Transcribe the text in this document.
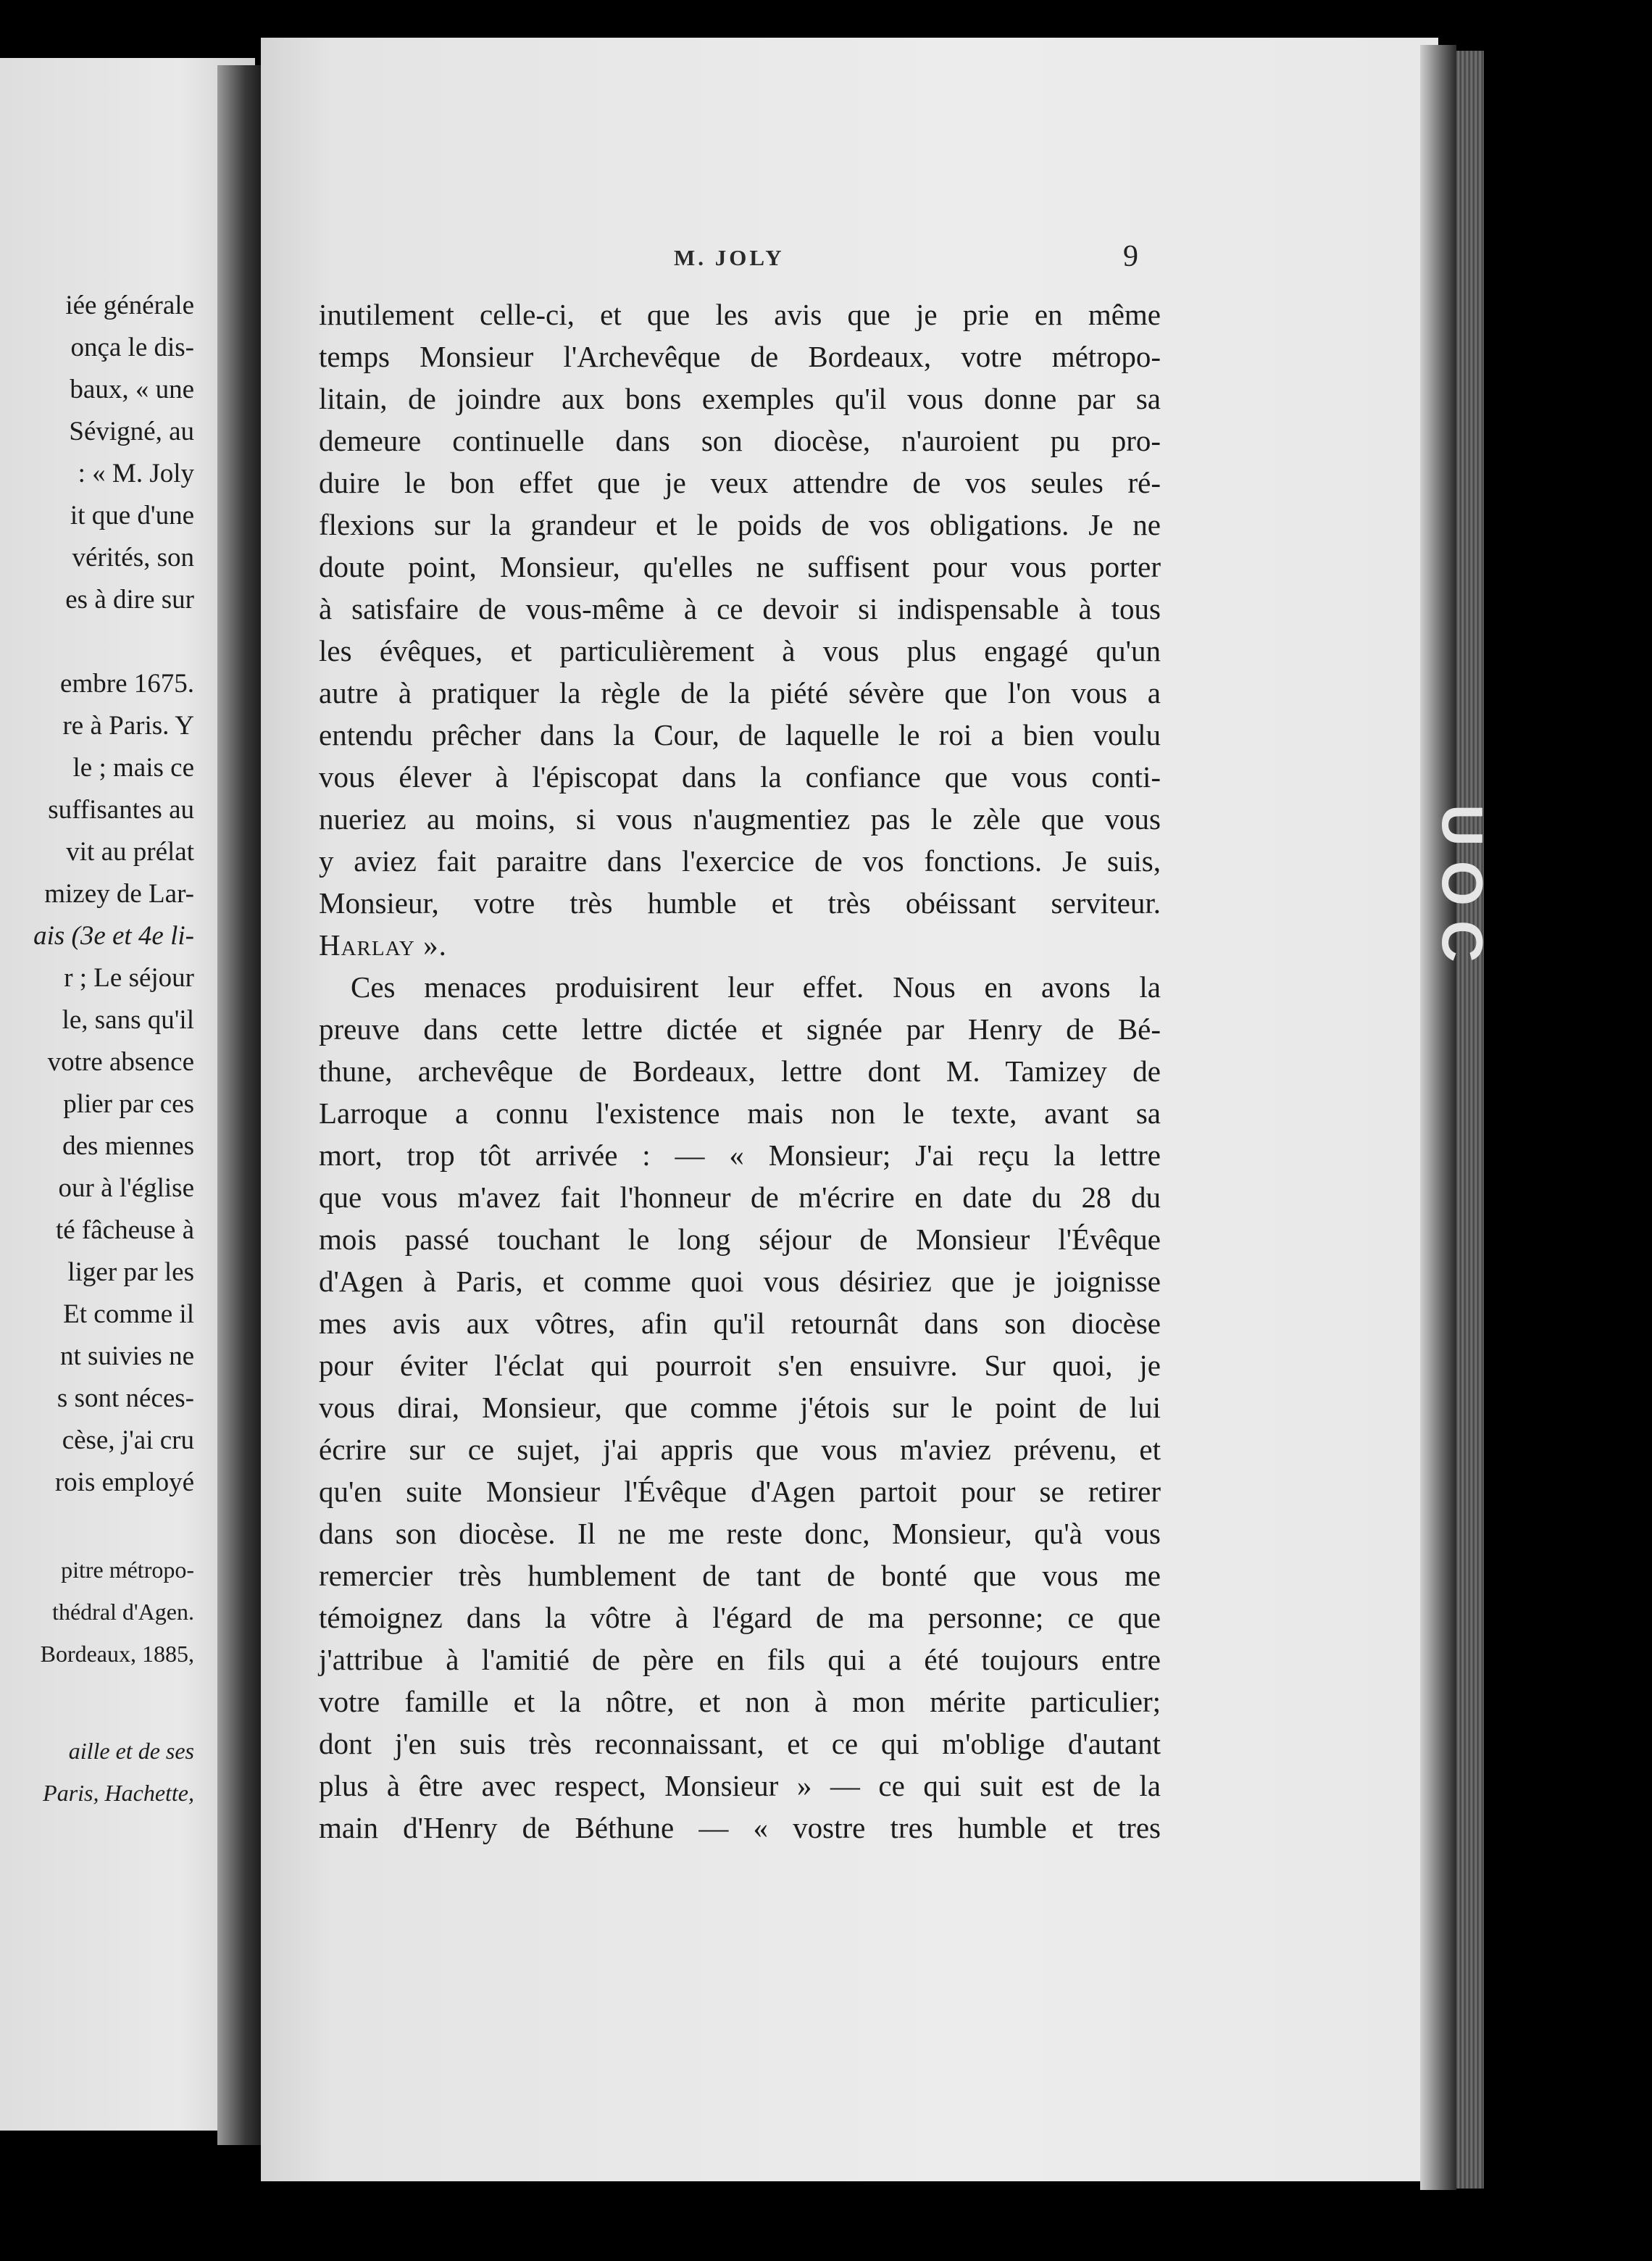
iée générale
onça le dis-
baux, « une
Sévigné, au
: « M. Joly
it que d'une
vérités, son
es à dire sur
embre 1675.
re à Paris. Y
le ; mais ce
suffisantes au
vit au prélat
mizey de Lar-
ais (3e et 4e li-
r ; Le séjour
le, sans qu'il
votre absence
plier par ces
des miennes
our à l'église
té fâcheuse à
liger par les
Et comme il
nt suivies ne
s sont néces-
cèse, j'ai cru
rois employé
pitre métropo-
thédral d'Agen.
Bordeaux, 1885,
aille et de ses
Paris, Hachette,
UOC
M. JOLY	9
inutilement celle-ci, et que les avis que je prie en même
temps Monsieur l'Archevêque de Bordeaux, votre métropo-
litain, de joindre aux bons exemples qu'il vous donne par sa
demeure continuelle dans son diocèse, n'auroient pu pro-
duire le bon effet que je veux attendre de vos seules ré-
flexions sur la grandeur et le poids de vos obligations. Je ne
doute point, Monsieur, qu'elles ne suffisent pour vous porter
à satisfaire de vous-même à ce devoir si indispensable à tous
les évêques, et particulièrement à vous plus engagé qu'un
autre à pratiquer la règle de la piété sévère que l'on vous a
entendu prêcher dans la Cour, de laquelle le roi a bien voulu
vous élever à l'épiscopat dans la confiance que vous conti-
nueriez au moins, si vous n'augmentiez pas le zèle que vous
y aviez fait paraitre dans l'exercice de vos fonctions. Je suis,
Monsieur, votre très humble et très obéissant serviteur.
Harlay ».
Ces menaces produisirent leur effet. Nous en avons la
preuve dans cette lettre dictée et signée par Henry de Bé-
thune, archevêque de Bordeaux, lettre dont M. Tamizey de
Larroque a connu l'existence mais non le texte, avant sa
mort, trop tôt arrivée : — « Monsieur; J'ai reçu la lettre
que vous m'avez fait l'honneur de m'écrire en date du 28 du
mois passé touchant le long séjour de Monsieur l'Évêque
d'Agen à Paris, et comme quoi vous désiriez que je joignisse
mes avis aux vôtres, afin qu'il retournât dans son diocèse
pour éviter l'éclat qui pourroit s'en ensuivre. Sur quoi, je
vous dirai, Monsieur, que comme j'étois sur le point de lui
écrire sur ce sujet, j'ai appris que vous m'aviez prévenu, et
qu'en suite Monsieur l'Évêque d'Agen partoit pour se retirer
dans son diocèse. Il ne me reste donc, Monsieur, qu'à vous
remercier très humblement de tant de bonté que vous me
témoignez dans la vôtre à l'égard de ma personne; ce que
j'attribue à l'amitié de père en fils qui a été toujours entre
votre famille et la nôtre, et non à mon mérite particulier;
dont j'en suis très reconnaissant, et ce qui m'oblige d'autant
plus à être avec respect, Monsieur » — ce qui suit est de la
main d'Henry de Béthune — « vostre tres humble et tres
